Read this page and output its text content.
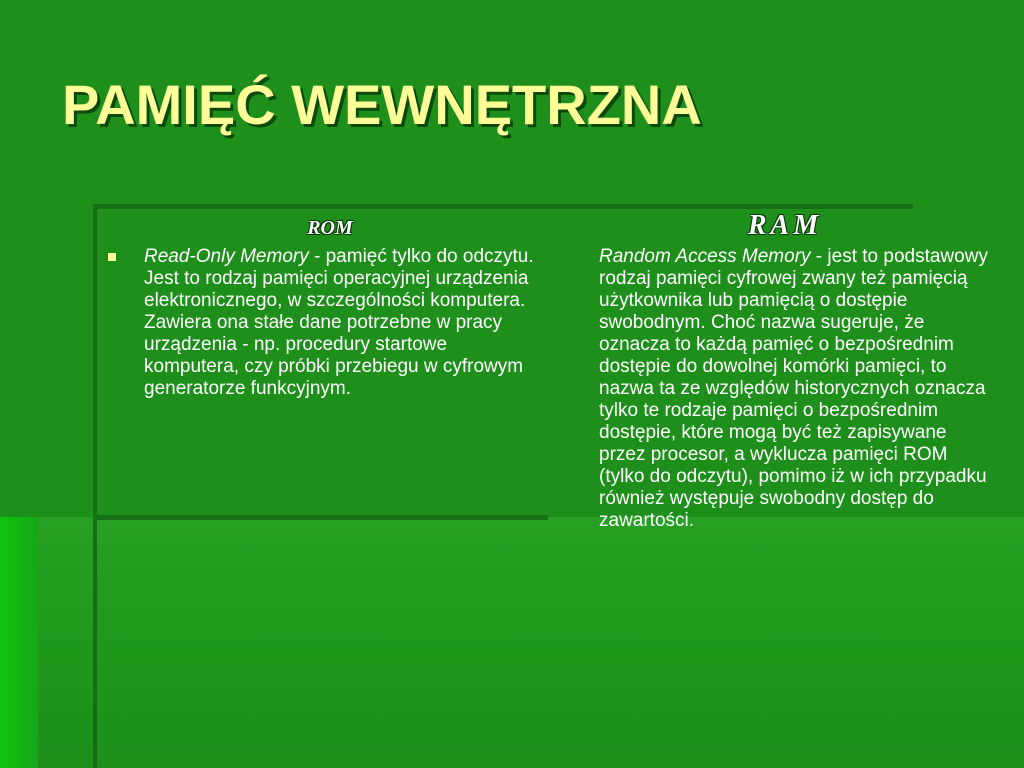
PAMIĘĆ WEWNĘTRZNA
ROM	RAM

Read-Only Memory - pamięć tylko do odczytu. Jest to rodzaj pamięci operacyjnej urządzenia elektronicznego, w szczególności komputera. Zawiera ona stałe dane potrzebne w pracy urządzenia - np. procedury startowe komputera, czy próbki przebiegu w cyfrowym generatorze funkcyjnym.

Random Access Memory - jest to podstawowy rodzaj pamięci cyfrowej zwany też pamięcią użytkownika lub pamięcią o dostępie swobodnym. Choć nazwa sugeruje, że oznacza to każdą pamięć o bezpośrednim dostępie do dowolnej komórki pamięci, to nazwa ta ze względów historycznych oznacza tylko te rodzaje pamięci o bezpośrednim dostępie, które mogą być też zapisywane przez procesor, a wyklucza pamięci ROM (tylko do odczytu), pomimo iż w ich przypadku również występuje swobodny dostęp do zawartości.
